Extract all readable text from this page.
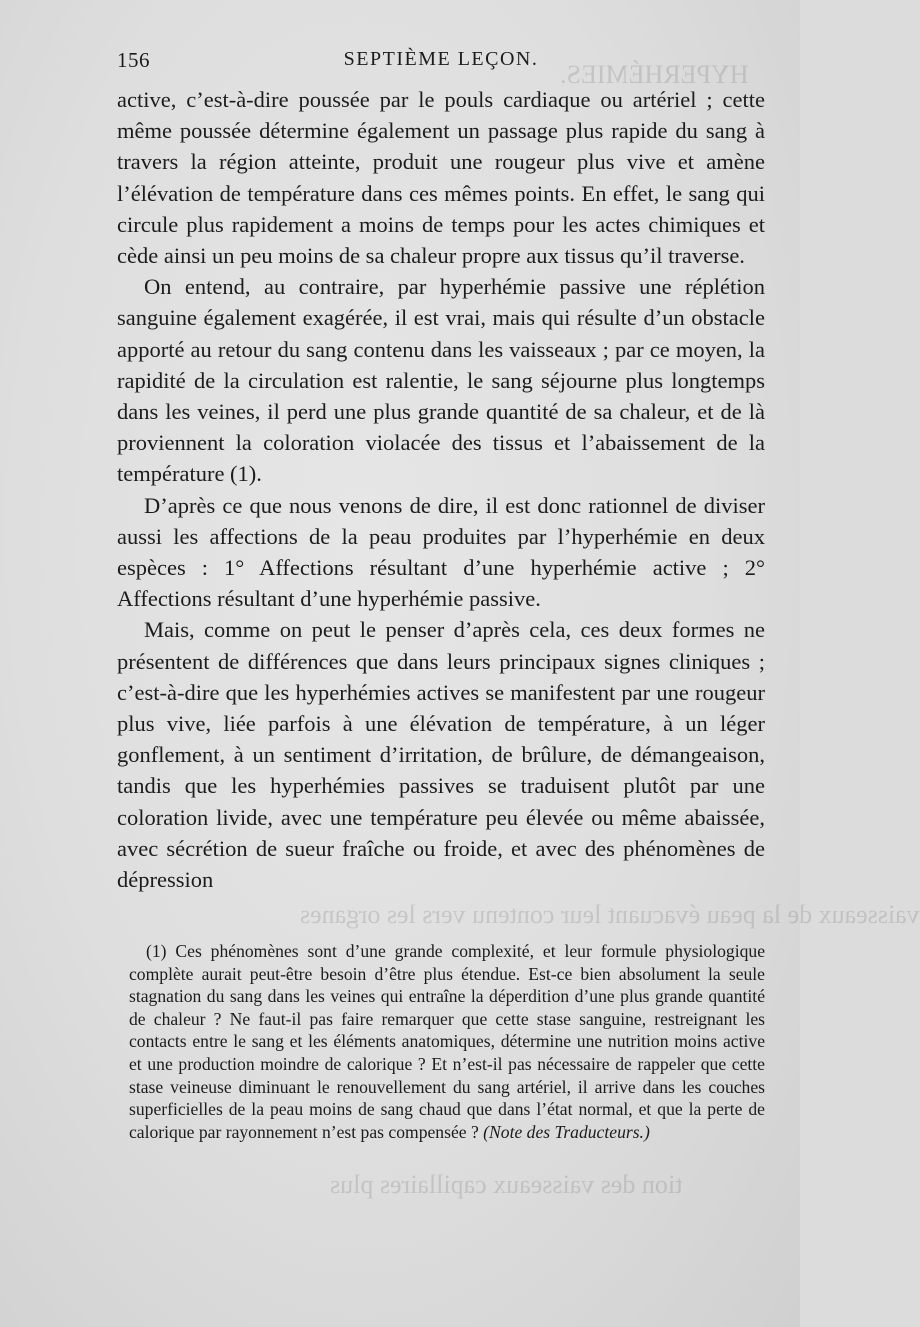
HYPERHÉMIES.
vaisseaux de la peau évacuant leur contenu vers les organes
tion des vaisseaux capillaires plus
156	SEPTIÈME LEÇON.

active, c’est-à-dire poussée par le pouls cardiaque ou artériel ; cette même poussée détermine également un passage plus rapide du sang à travers la région atteinte, produit une rougeur plus vive et amène l’élévation de température dans ces mêmes points. En effet, le sang qui circule plus rapidement a moins de temps pour les actes chimiques et cède ainsi un peu moins de sa chaleur propre aux tissus qu’il traverse.

On entend, au contraire, par hyperhémie passive une réplétion sanguine également exagérée, il est vrai, mais qui résulte d’un obstacle apporté au retour du sang contenu dans les vaisseaux ; par ce moyen, la rapidité de la circulation est ralentie, le sang séjourne plus longtemps dans les veines, il perd une plus grande quantité de sa chaleur, et de là proviennent la coloration violacée des tissus et l’abaissement de la température (1).

D’après ce que nous venons de dire, il est donc rationnel de diviser aussi les affections de la peau produites par l’hyperhémie en deux espèces : 1° Affections résultant d’une hyperhémie active ; 2° Affections résultant d’une hyperhémie passive.

Mais, comme on peut le penser d’après cela, ces deux formes ne présentent de différences que dans leurs principaux signes cliniques ; c’est-à-dire que les hyperhémies actives se manifestent par une rougeur plus vive, liée parfois à une élévation de température, à un léger gonflement, à un sentiment d’irritation, de brûlure, de démangeaison, tandis que les hyperhémies passives se traduisent plutôt par une coloration livide, avec une température peu élevée ou même abaissée, avec sécrétion de sueur fraîche ou froide, et avec des phénomènes de dépression

(1) Ces phénomènes sont d’une grande complexité, et leur formule physiologique complète aurait peut-être besoin d’être plus étendue. Est-ce bien absolument la seule stagnation du sang dans les veines qui entraîne la déperdition d’une plus grande quantité de chaleur ? Ne faut-il pas faire remarquer que cette stase sanguine, restreignant les contacts entre le sang et les éléments anatomiques, détermine une nutrition moins active et une production moindre de calorique ? Et n’est-il pas nécessaire de rappeler que cette stase veineuse diminuant le renouvellement du sang artériel, il arrive dans les couches superficielles de la peau moins de sang chaud que dans l’état normal, et que la perte de calorique par rayonnement n’est pas compensée ? (Note des Traducteurs.)
